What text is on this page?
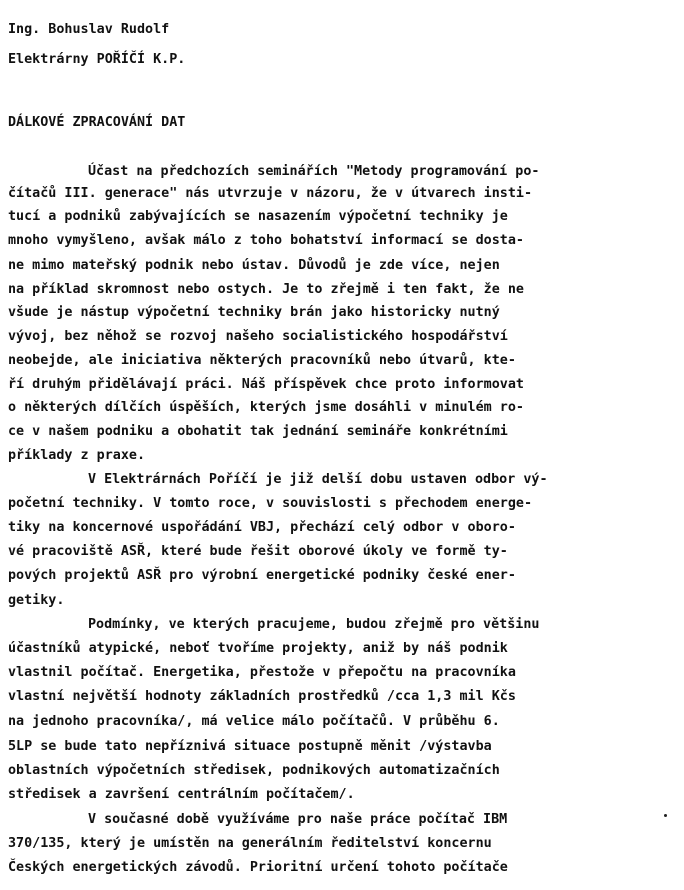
Ing. Bohuslav Rudolf
Elektrárny POŘÍČÍ K.P.
DÁLKOVÉ ZPRACOVÁNÍ DAT
Účast na předchozích seminářích "Metody programování po-
čítačů III. generace" nás utvrzuje v názoru, že v útvarech insti-
tucí a podniků zabývajících se nasazením výpočetní techniky je
mnoho vymyšleno, avšak málo z toho bohatství informací se dosta-
ne mimo mateřský podnik nebo ústav. Důvodů je zde více, nejen
na příklad skromnost nebo ostych. Je to zřejmě i ten fakt, že ne
všude je nástup výpočetní techniky brán jako historicky nutný
vývoj, bez něhož se rozvoj našeho socialistického hospodářství
neobejde, ale iniciativa některých pracovníků nebo útvarů, kte-
ří druhým přidělávají práci. Náš příspěvek chce proto informovat
o některých dílčích úspěších, kterých jsme dosáhli v minulém ro-
ce v našem podniku a obohatit tak jednání semináře konkrétními
příklady z praxe.
V Elektrárnách Poříčí je již delší dobu ustaven odbor vý-
početní techniky. V tomto roce, v souvislosti s přechodem energe-
tiky na koncernové uspořádání VBJ, přechází celý odbor v oboro-
vé pracoviště ASŘ, které bude řešit oborové úkoly ve formě ty-
pových projektů ASŘ pro výrobní energetické podniky české ener-
getiky.
Podmínky, ve kterých pracujeme, budou zřejmě pro většinu
účastníků atypické, neboť tvoříme projekty, aniž by náš podnik
vlastnil počítač. Energetika, přestože v přepočtu na pracovníka
vlastní největší hodnoty základních prostředků /cca 1,3 mil Kčs
na jednoho pracovníka/, má velice málo počítačů. V průběhu 6.
5LP se bude tato nepříznivá situace postupně měnit /výstavba
oblastních výpočetních středisek, podnikových automatizačních
středisek a završení centrálním počítačem/.
V současné době využíváme pro naše práce počítač IBM
370/135, který je umístěn na generálním ředitelství koncernu
Českých energetických závodů. Prioritní určení tohoto počítače
